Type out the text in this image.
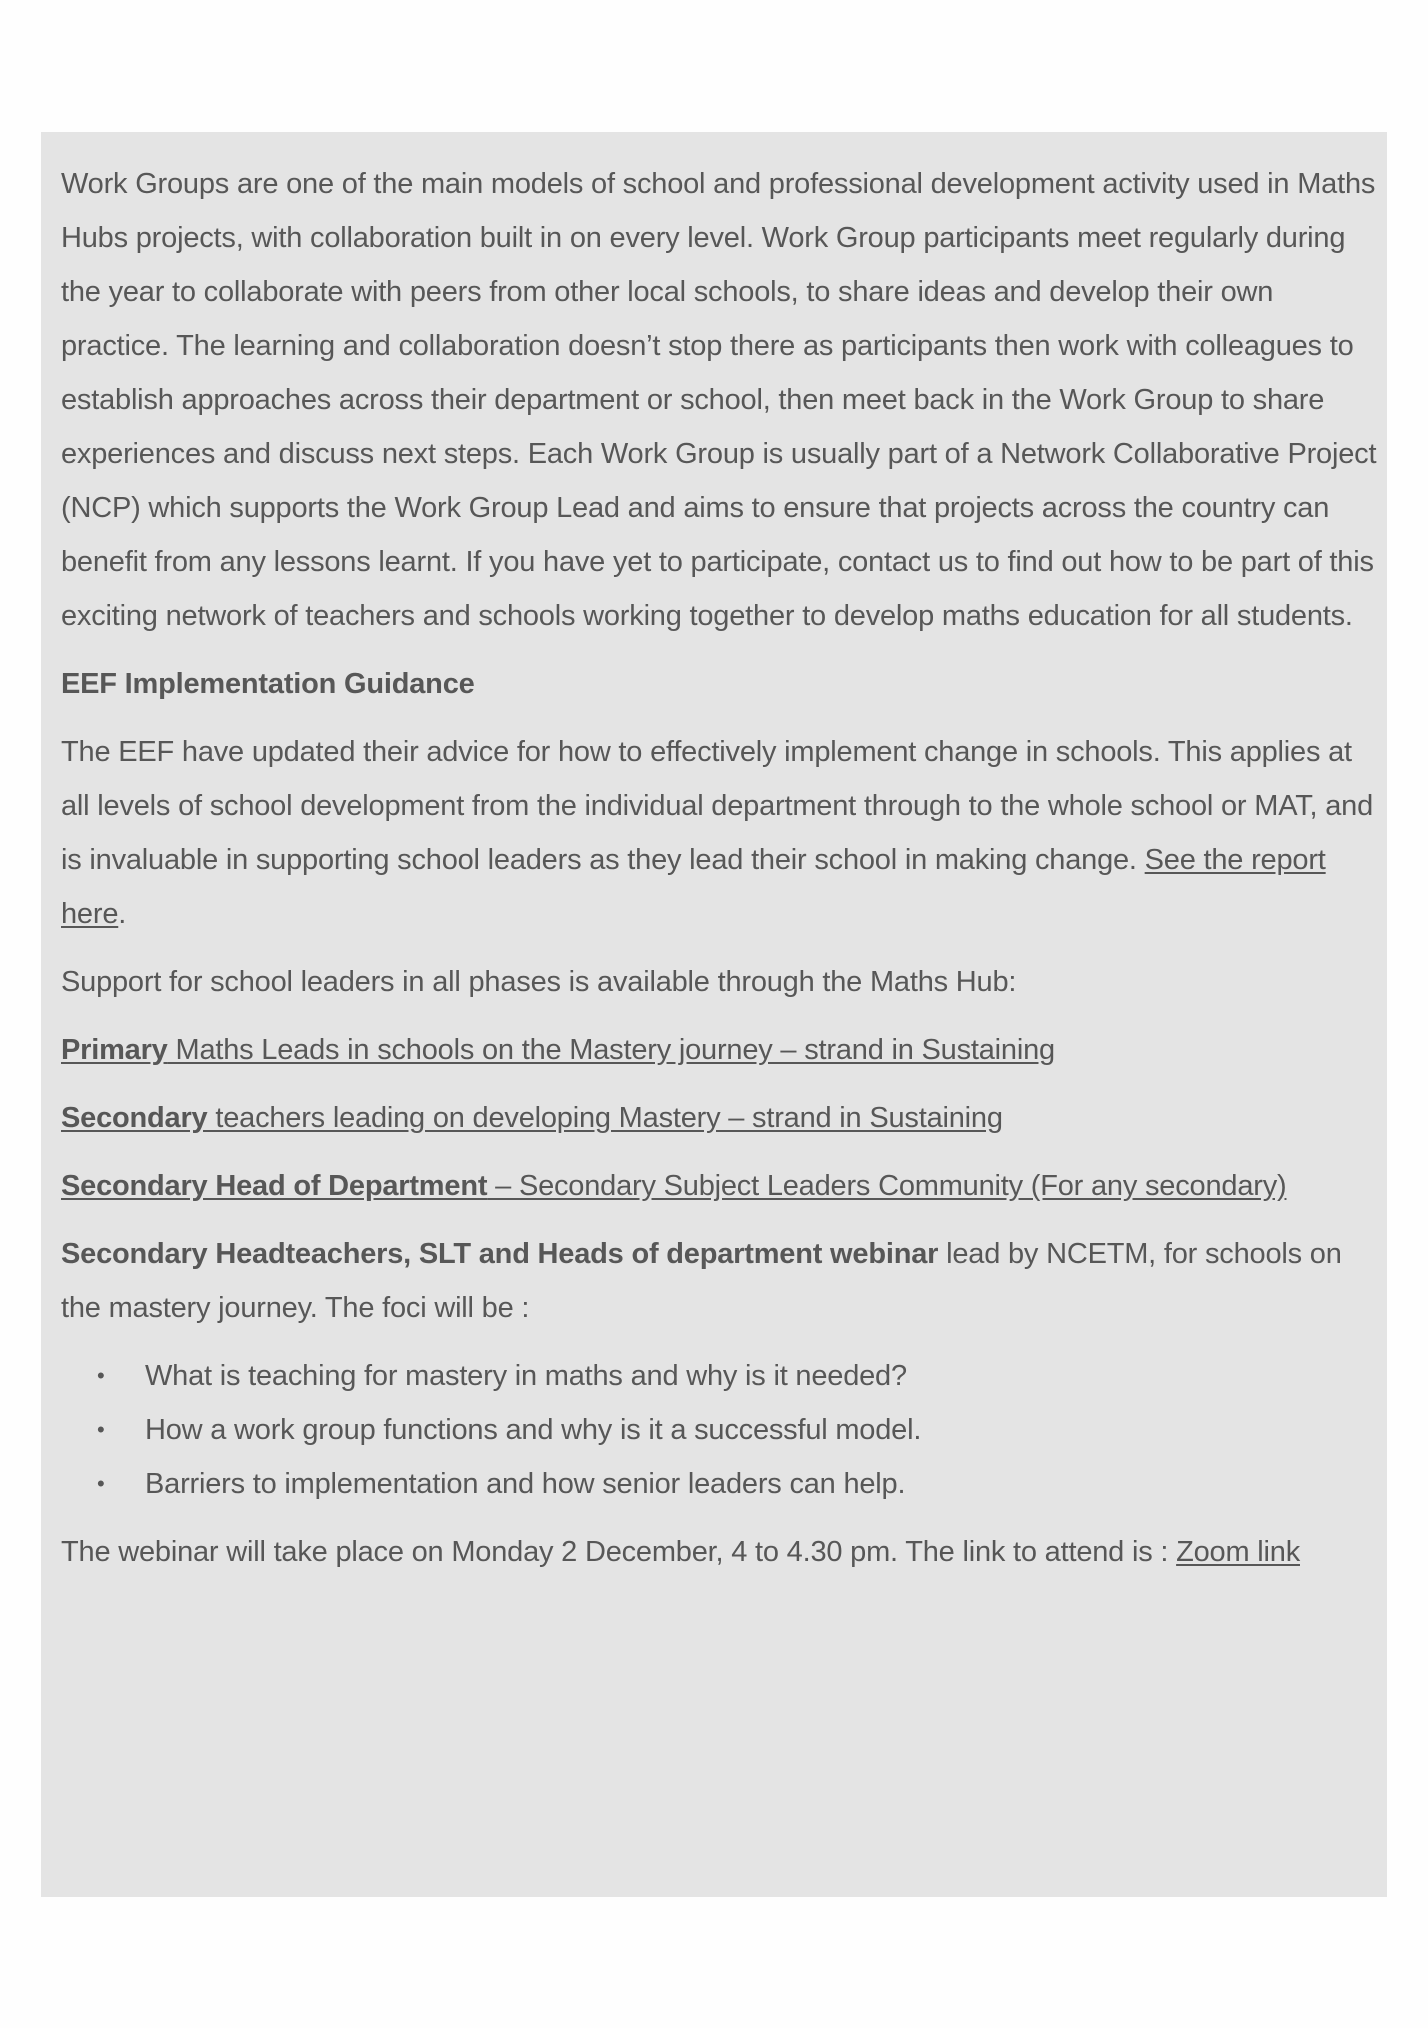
Work Groups are one of the main models of school and professional development activity used in Maths Hubs projects, with collaboration built in on every level. Work Group participants meet regularly during the year to collaborate with peers from other local schools, to share ideas and develop their own practice. The learning and collaboration doesn’t stop there as participants then work with colleagues to establish approaches across their department or school, then meet back in the Work Group to share experiences and discuss next steps. Each Work Group is usually part of a Network Collaborative Project (NCP) which supports the Work Group Lead and aims to ensure that projects across the country can benefit from any lessons learnt. If you have yet to participate, contact us to find out how to be part of this exciting network of teachers and schools working together to develop maths education for all students.

EEF Implementation Guidance

The EEF have updated their advice for how to effectively implement change in schools. This applies at all levels of school development from the individual department through to the whole school or MAT, and is invaluable in supporting school leaders as they lead their school in making change. See the report here.

Support for school leaders in all phases is available through the Maths Hub:

Primary Maths Leads in schools on the Mastery journey – strand in Sustaining

Secondary teachers leading on developing Mastery – strand in Sustaining

Secondary Head of Department – Secondary Subject Leaders Community (For any secondary)

Secondary Headteachers, SLT and Heads of department webinar lead by NCETM, for schools on the mastery journey. The foci will be :

• What is teaching for mastery in maths and why is it needed?
• How a work group functions and why is it a successful model.
• Barriers to implementation and how senior leaders can help.

The webinar will take place on Monday 2 December, 4 to 4.30 pm. The link to attend is : Zoom link
